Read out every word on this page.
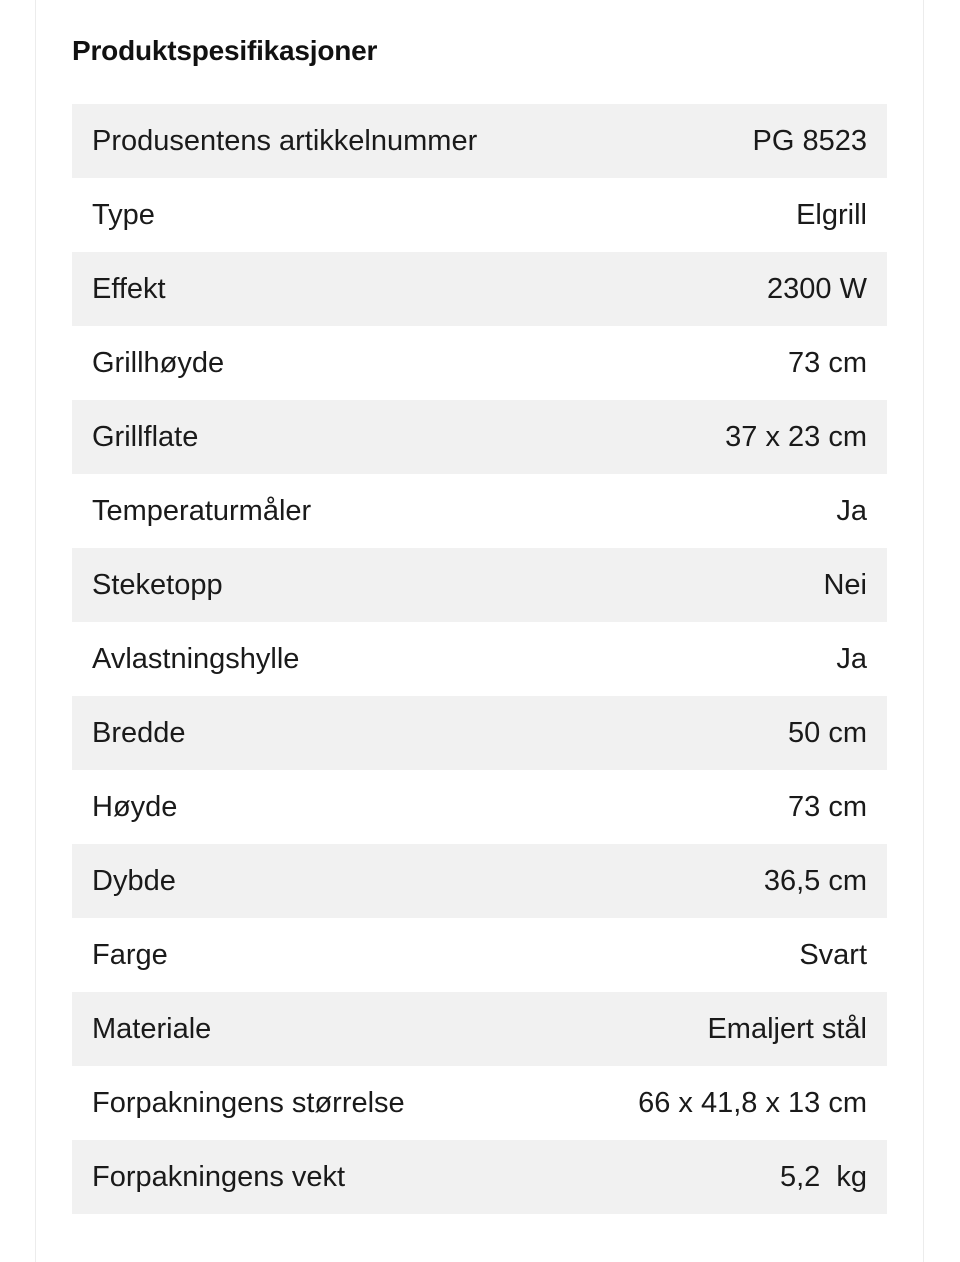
Produktspesifikasjoner
Produsentens artikkelnummer	PG 8523
Type	Elgrill
Effekt	2300 W
Grillhøyde	73 cm
Grillflate	37 x 23 cm
Temperaturmåler	Ja
Steketopp	Nei
Avlastningshylle	Ja
Bredde	50 cm
Høyde	73 cm
Dybde	36,5 cm
Farge	Svart
Materiale	Emaljert stål
Forpakningens størrelse	66 x 41,8 x 13 cm
Forpakningens vekt	5,2  kg
